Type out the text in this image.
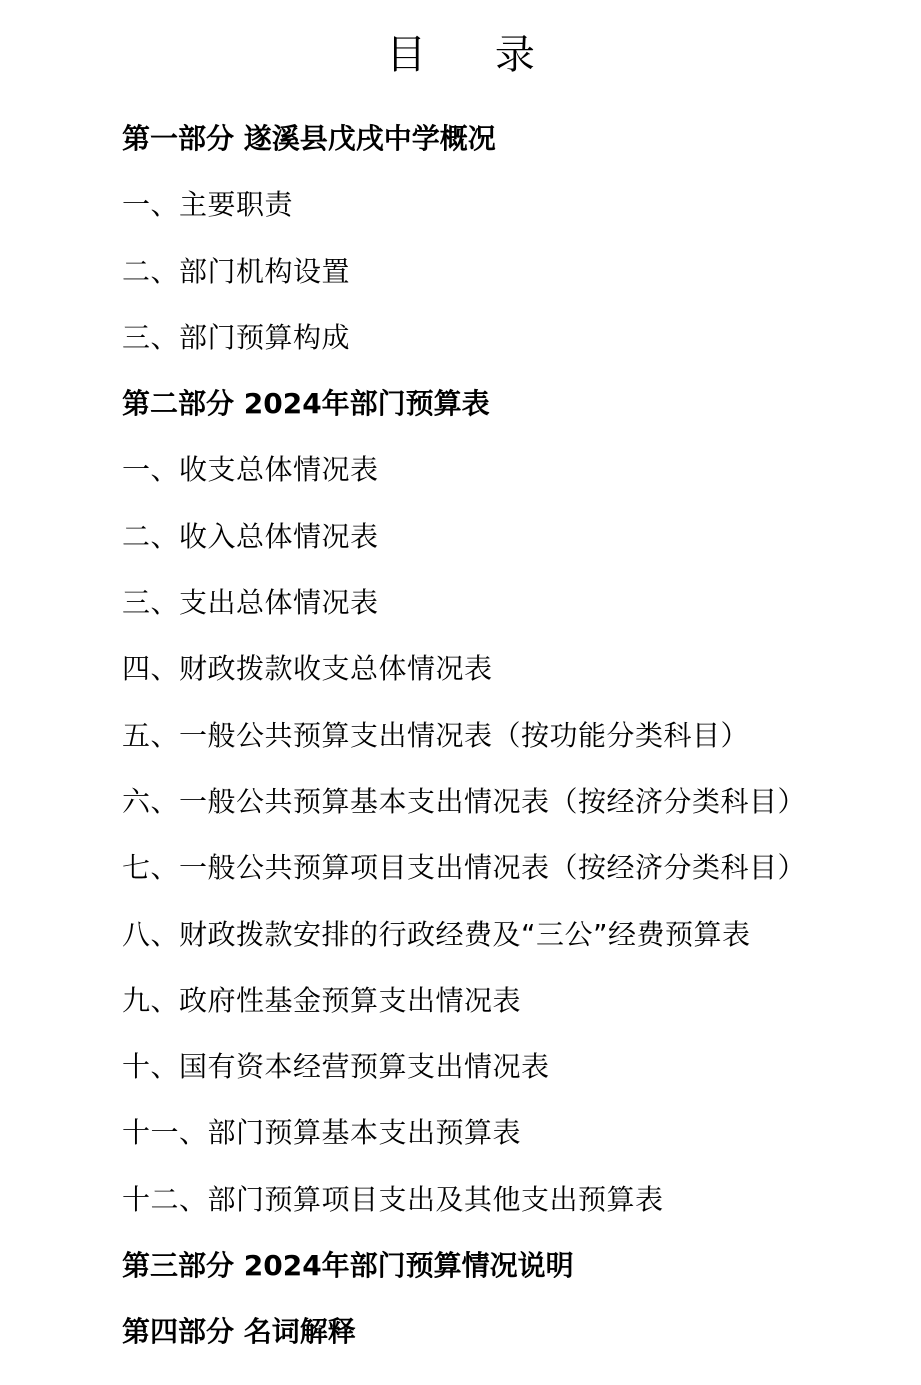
目 录
第一部分 遂溪县戊戌中学概况
一、主要职责
二、部门机构设置
三、部门预算构成
第二部分 2024年部门预算表
一、收支总体情况表
二、收入总体情况表
三、支出总体情况表
四、财政拨款收支总体情况表
五、一般公共预算支出情况表（按功能分类科目）
六、一般公共预算基本支出情况表（按经济分类科目）
七、一般公共预算项目支出情况表（按经济分类科目）
八、财政拨款安排的行政经费及“三公”经费预算表
九、政府性基金预算支出情况表
十、国有资本经营预算支出情况表
十一、部门预算基本支出预算表
十二、部门预算项目支出及其他支出预算表
第三部分 2024年部门预算情况说明
第四部分 名词解释
